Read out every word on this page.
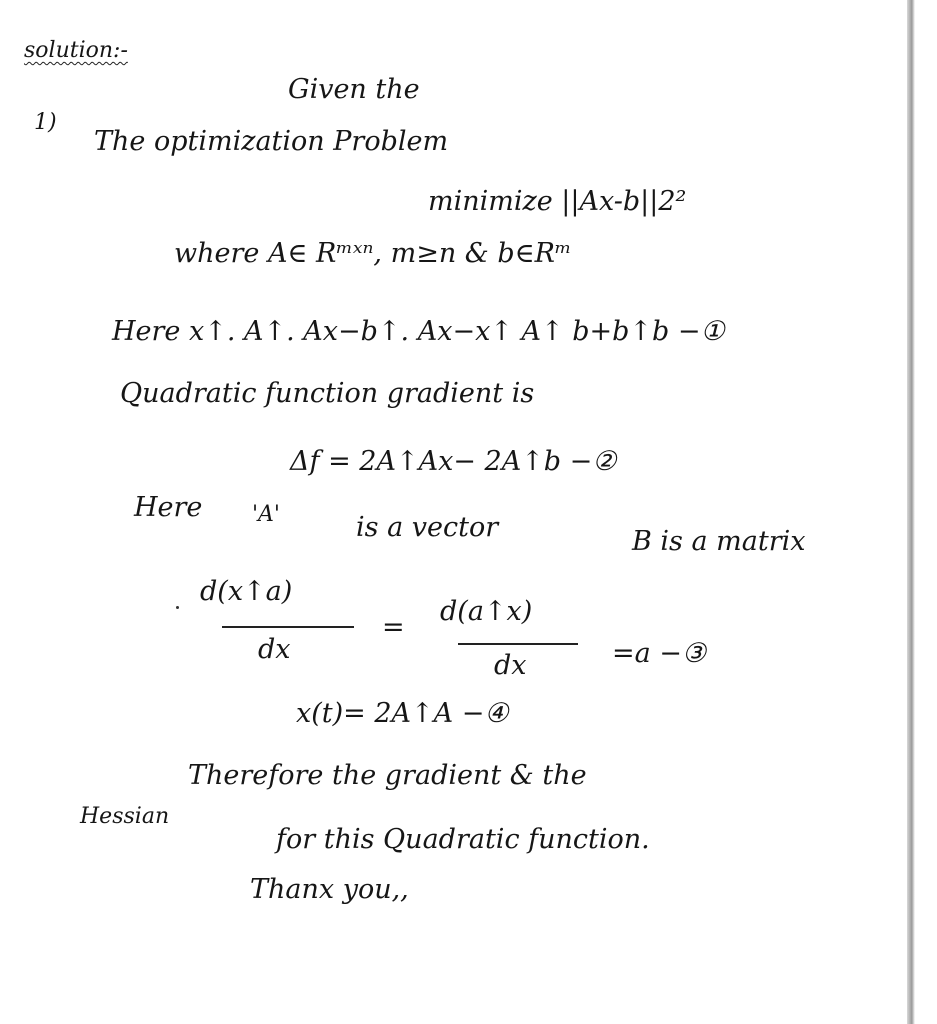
solution:-
Given the
1)
The optimization Problem
minimize ||Ax-b||2²
where A∈ Rᵐˣⁿ, m≥n & b∈Rᵐ
Here x↑. A↑. Ax−b↑. Ax−x↑ A↑ b+b↑b −①
Quadratic function gradient is
Δf = 2A↑Ax− 2A↑b −②
Here 'A'	is a vector	B is a matrix
d(x↑a)
dx
=
d(a↑x)
dx	=a −③
x(t)= 2A↑A −④
Therefore the gradient & the
Hessian
for this Quadratic function.
Thanx you,,
